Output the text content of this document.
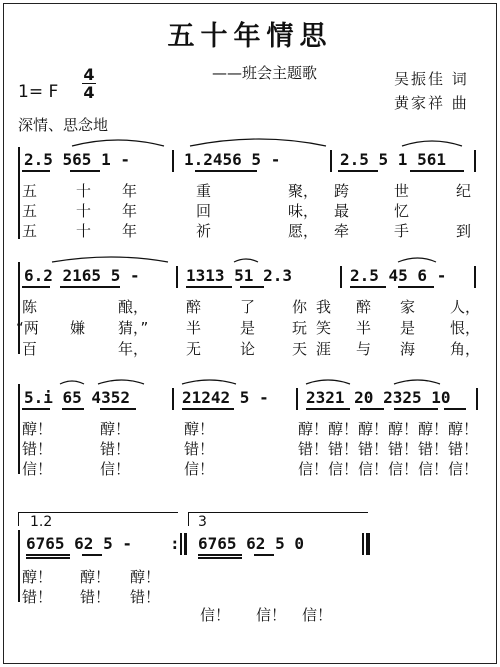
五十年情思
——班会主题歌	吴振佳 词
黄家祥 曲
1= F
4
4
深情、思念地
2.5 565 1 -	1.2456 5 -	2.5 5 1 561
五	十 年	重	聚， 跨	世	纪
五	十 年	回	味， 最	忆
五	十 年	祈	愿， 牵	手	到
6.2 2165 5 -	1313 51 2.3	2.5 45 6 -
陈	酿，	醉	了 你 我 醉 家 人，
“两 嫌 猜，”	半	是 玩 笑 半 是 恨，
百	年，	无	论 天 涯 与 海 角，
5.i 65 4352	21242 5 - 2321 20 2325 10
醇！	醇！	醇！	醇！醇！醇！醇！醇！醇！
错！	错！	错！	错！错！错！错！错！错！
信！	信！	信！	信！信！信！信！信！信！
1.2	3
6765 62 5 - : 6765 62 5 0
醇！ 醇！ 醇！
错！ 错！ 错！
信！ 信！ 信！
